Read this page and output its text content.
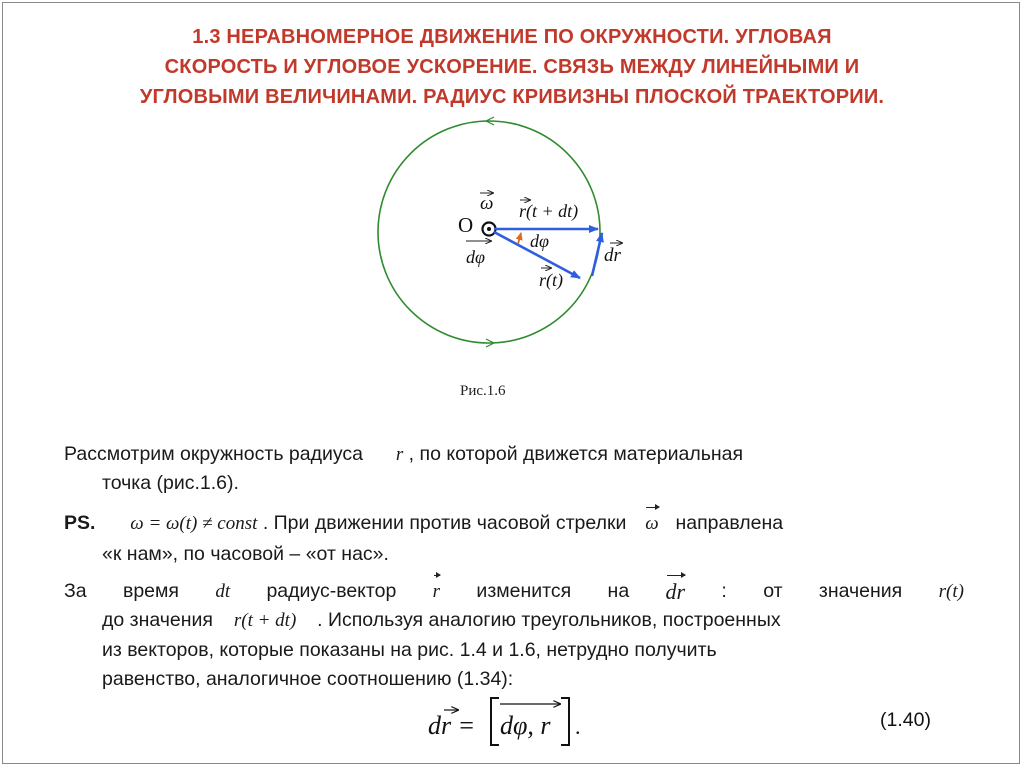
1.3 НЕРАВНОМЕРНОЕ ДВИЖЕНИЕ ПО ОКРУЖНОСТИ. УГЛОВАЯ
СКОРОСТЬ И УГЛОВОЕ УСКОРЕНИЕ. СВЯЗЬ МЕЖДУ ЛИНЕЙНЫМИ И
УГЛОВЫМИ ВЕЛИЧИНАМИ. РАДИУС КРИВИЗНЫ ПЛОСКОЙ ТРАЕКТОРИИ.
O
ω
dφ
r(t + dt)
dφ
dr
r(t)
Рис.1.6
Рассмотрим окружность радиуса r , по которой движется материальная
точка (рис.1.6).
PS. ω = ω(t) ≠ const . При движении против часовой стрелки ω направлена
«к нам», по часовой – «от нас».
За время dt радиус-вектор r изменится на dr : от значения r(t)
до значения r(t + dt) . Используя аналогию треугольников, построенных
из векторов, которые показаны на рис. 1.4 и 1.6, нетрудно получить
равенство, аналогичное соотношению (1.34):
dr = dφ, r .	(1.40)
